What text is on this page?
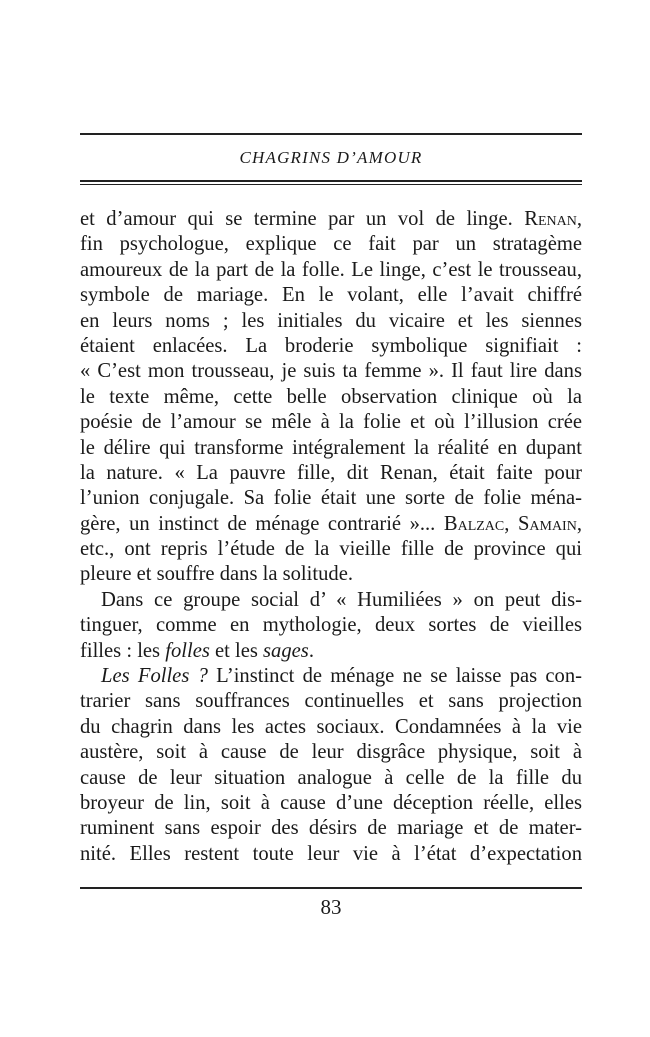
CHAGRINS D’AMOUR
et d’amour qui se termine par un vol de linge. Renan,
fin psychologue, explique ce fait par un stratagème
amoureux de la part de la folle. Le linge, c’est le trousseau,
symbole de mariage. En le volant, elle l’avait chiffré
en leurs noms ; les initiales du vicaire et les siennes
étaient enlacées. La broderie symbolique signifiait :
« C’est mon trousseau, je suis ta femme ». Il faut lire dans
le texte même, cette belle observation clinique où la
poésie de l’amour se mêle à la folie et où l’illusion crée
le délire qui transforme intégralement la réalité en dupant
la nature. « La pauvre fille, dit Renan, était faite pour
l’union conjugale. Sa folie était une sorte de folie ména-
gère, un instinct de ménage contrarié »... Balzac, Samain,
etc., ont repris l’étude de la vieille fille de province qui
pleure et souffre dans la solitude.
Dans ce groupe social d’ « Humiliées » on peut dis-
tinguer, comme en mythologie, deux sortes de vieilles
filles : les folles et les sages.
Les Folles ? L’instinct de ménage ne se laisse pas con-
trarier sans souffrances continuelles et sans projection
du chagrin dans les actes sociaux. Condamnées à la vie
austère, soit à cause de leur disgrâce physique, soit à
cause de leur situation analogue à celle de la fille du
broyeur de lin, soit à cause d’une déception réelle, elles
ruminent sans espoir des désirs de mariage et de mater-
nité. Elles restent toute leur vie à l’état d’expectation
83
